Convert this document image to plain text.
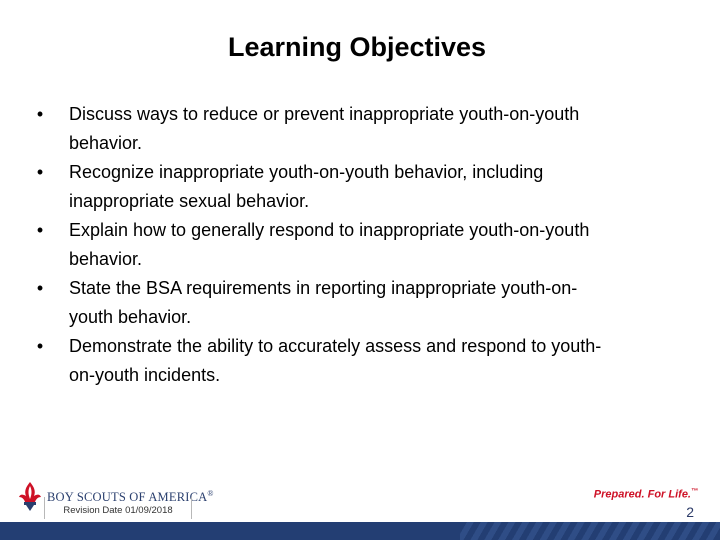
Learning Objectives
•	Discuss ways to reduce or prevent inappropriate youth-on-youth
behavior.
•	Recognize inappropriate youth-on-youth behavior, including
inappropriate sexual behavior.
•	Explain how to generally respond to inappropriate youth-on-youth
behavior.
•	State the BSA requirements in reporting inappropriate youth-on-
youth behavior.
•	Demonstrate the ability to accurately assess and respond to youth-
on-youth incidents.
BOY SCOUTS OF AMERICA®
Revision Date 01/09/2018
Prepared. For Life.™
2
